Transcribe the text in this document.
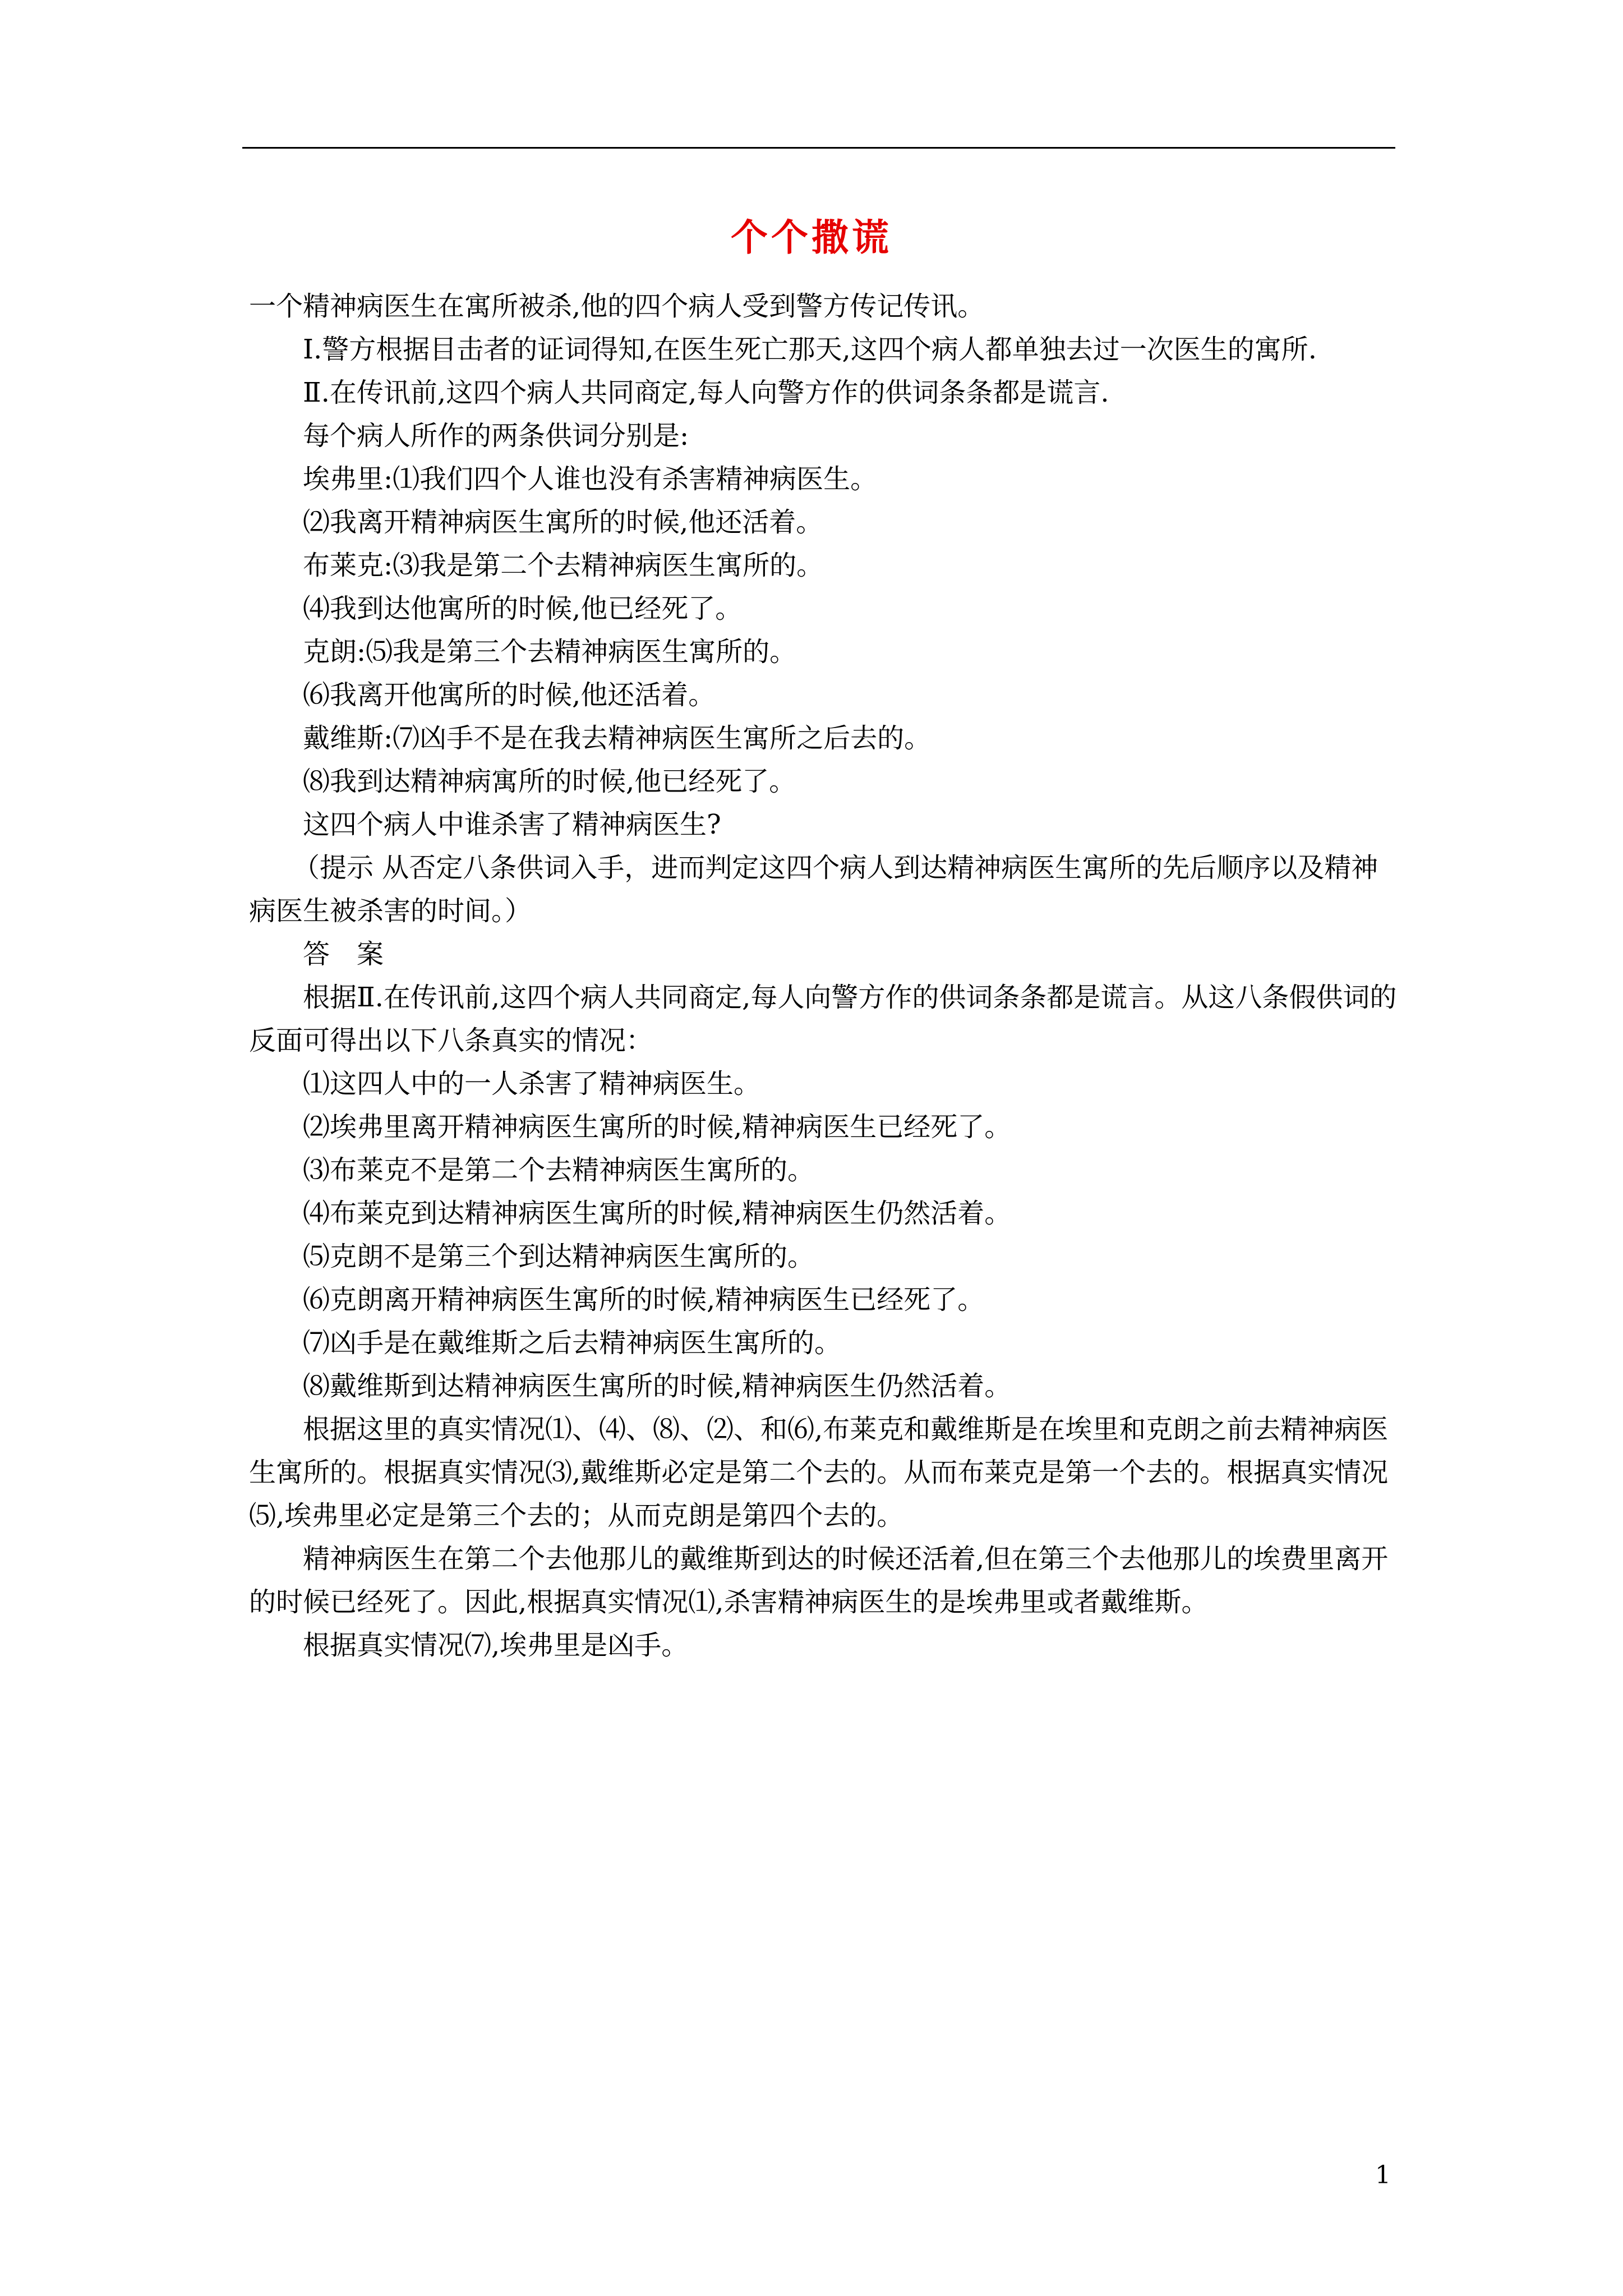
个个撒谎

一个精神病医生在寓所被杀,他的四个病人受到警方传记传讯。

Ⅰ.警方根据目击者的证词得知,在医生死亡那天,这四个病人都单独去过一次医生的寓所.

Ⅱ.在传讯前,这四个病人共同商定,每人向警方作的供词条条都是谎言.

每个病人所作的两条供词分别是:

埃弗里:⑴我们四个人谁也没有杀害精神病医生。

⑵我离开精神病医生寓所的时候,他还活着。

布莱克:⑶我是第二个去精神病医生寓所的。

⑷我到达他寓所的时候,他已经死了。

克朗:⑸我是第三个去精神病医生寓所的。

⑹我离开他寓所的时候,他还活着。

戴维斯:⑺凶手不是在我去精神病医生寓所之后去的。

⑻我到达精神病寓所的时候,他已经死了。

这四个病人中谁杀害了精神病医生?

（提示 从否定八条供词入手，进而判定这四个病人到达精神病医生寓所的先后顺序以及精神病医生被杀害的时间。）

答　案

根据Ⅱ.在传讯前,这四个病人共同商定,每人向警方作的供词条条都是谎言。从这八条假供词的反面可得出以下八条真实的情况：

⑴这四人中的一人杀害了精神病医生。

⑵埃弗里离开精神病医生寓所的时候,精神病医生已经死了。

⑶布莱克不是第二个去精神病医生寓所的。

⑷布莱克到达精神病医生寓所的时候,精神病医生仍然活着。

⑸克朗不是第三个到达精神病医生寓所的。

⑹克朗离开精神病医生寓所的时候,精神病医生已经死了。

⑺凶手是在戴维斯之后去精神病医生寓所的。

⑻戴维斯到达精神病医生寓所的时候,精神病医生仍然活着。

根据这里的真实情况⑴、⑷、⑻、⑵、和⑹,布莱克和戴维斯是在埃里和克朗之前去精神病医生寓所的。根据真实情况⑶,戴维斯必定是第二个去的。从而布莱克是第一个去的。根据真实情况⑸,埃弗里必定是第三个去的；从而克朗是第四个去的。

精神病医生在第二个去他那儿的戴维斯到达的时候还活着,但在第三个去他那儿的埃费里离开的时候已经死了。因此,根据真实情况⑴,杀害精神病医生的是埃弗里或者戴维斯。

根据真实情况⑺,埃弗里是凶手。

1
